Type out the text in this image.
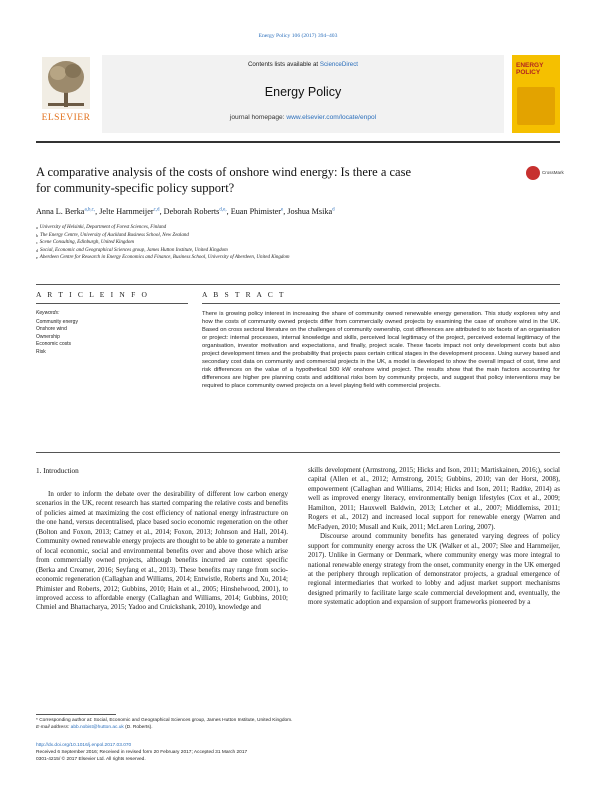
Energy Policy 106 (2017) 394–403
ELSEVIER
Contents lists available at ScienceDirect
Energy Policy
journal homepage: www.elsevier.com/locate/enpol
ENERGY POLICY
A comparative analysis of the costs of onshore wind energy: Is there a case
for community-specific policy support?
CrossMark
Anna L. Berka$^{a,b,c,}$, Jelte Harnmeijer$^{c,d}$, Deborah Roberts$^{d,e,}$, Euan Phimister$^e$, Joshua Msika$^d$
$^a$ University of Helsinki, Department of Forest Sciences, Finland
$^b$ The Energy Centre, University of Auckland Business School, New Zealand
$^c$ Scene Consulting, Edinburgh, United Kingdom
$^d$ Social, Economic and Geographical Sciences group, James Hutton Institute, United Kingdom
$^e$ Aberdeen Centre for Research in Energy Economics and Finance, Business School, University of Aberdeen, United Kingdom
A R T I C L E I N F O	A B S T R A C T
Keywords:
Community energy
Onshore wind
Ownership
Economic costs
Risk
There is growing policy interest in increasing the share of community owned renewable energy generation. This study explores why and how the costs of community owned projects differ from commercially owned projects by examining the case of onshore wind in the UK. Based on cross sectoral literature on the challenges of community ownership, cost differences are attributed to six facets of an organisation or project: internal processes, internal knowledge and skills, perceived local legitimacy of the project, perceived external legitimacy of the organisation, investor motivation and expectations, and finally, project scale. These facets impact not only development costs but also project development times and the probability that projects pass certain critical stages in the development process. Using survey based and secondary cost data on community and commercial projects in the UK, a model is developed to show the overall impact of cost, time and risk differences on the value of a hypothetical 500 kW onshore wind project. The results show that the main factors accounting for differences are higher pre planning costs and additional risks born by community projects, and suggest that policy interventions may be required to place community owned projects on a level playing field with commercial projects.
1. Introduction

In order to inform the debate over the desirability of different low carbon energy scenarios in the UK, recent research has started comparing the relative costs and benefits of policies aimed at maximizing the cost efficiency of national energy infrastructure on the one hand, versus decentralised, place based socio economic regeneration on the other (Bolton and Foxon, 2013; Catney et al., 2014; Foxon, 2013; Johnson and Hall, 2014). Community owned renewable energy projects are thought to be able to generate a number of local economic, social and environmental benefits over and above those which arise from commercially owned projects, although benefits incurred are context specific (Berka and Creamer, 2016; Seyfang et al., 2013). These benefits may range from socio-economic regeneration (Callaghan and Williams, 2014; Entwistle, Roberts and Xu, 2014; Phimister and Roberts, 2012; Gubbins, 2010; Hain et al., 2005; Hinshelwood, 2001), to improved access to affordable energy (Callaghan and Williams, 2014; Gubbins, 2010; Chmiel and Bhattacharya, 2015; Yadoo and Cruickshank, 2010), knowledge and

skills development (Armstrong, 2015; Hicks and Ison, 2011; Martiskainen, 2016;), social capital (Allen et al., 2012; Armstrong, 2015; Gubbins, 2010; van der Horst, 2008), empowerment (Callaghan and Williams, 2014; Hicks and Ison, 2011; Radtke, 2014) as well as improved energy literacy, environmentally benign lifestyles (Cox et al., 2009; Hamilton, 2011; Hauxwell Baldwin, 2013; Letcher et al., 2007; Middlemiss, 2011; Rogers et al., 2012) and increased local support for renewable energy (Warren and McFadyen, 2010; Musall and Kuik, 2011; McLaren Loring, 2007).

Discourse around community benefits has generated varying degrees of policy support for community energy across the UK (Walker et al., 2007; Slee and Harnmeijer, 2017). Unlike in Germany or Denmark, where community energy was more integral to national renewable energy strategy from the onset, community energy in the UK emerged at the periphery through replication of demonstrator projects, a gradual emergence of regional intermediaries that worked to lobby and adjust market support mechanisms designed primarily to facilitate large scale commercial development and, eventually, the more systematic adoption and expansion of support frameworks pioneered by a

* Corresponding author at: Social, Economic and Geographical Sciences group, James Hutton Institute, United Kingdom.
E-mail address: abb.nobist@hutton.ac.uk (D. Roberts).
http://dx.doi.org/10.1016/j.enpol.2017.03.070
Received 6 September 2016; Received in revised form 20 February 2017; Accepted 31 March 2017
0301-4215/ © 2017 Elsevier Ltd. All rights reserved.
